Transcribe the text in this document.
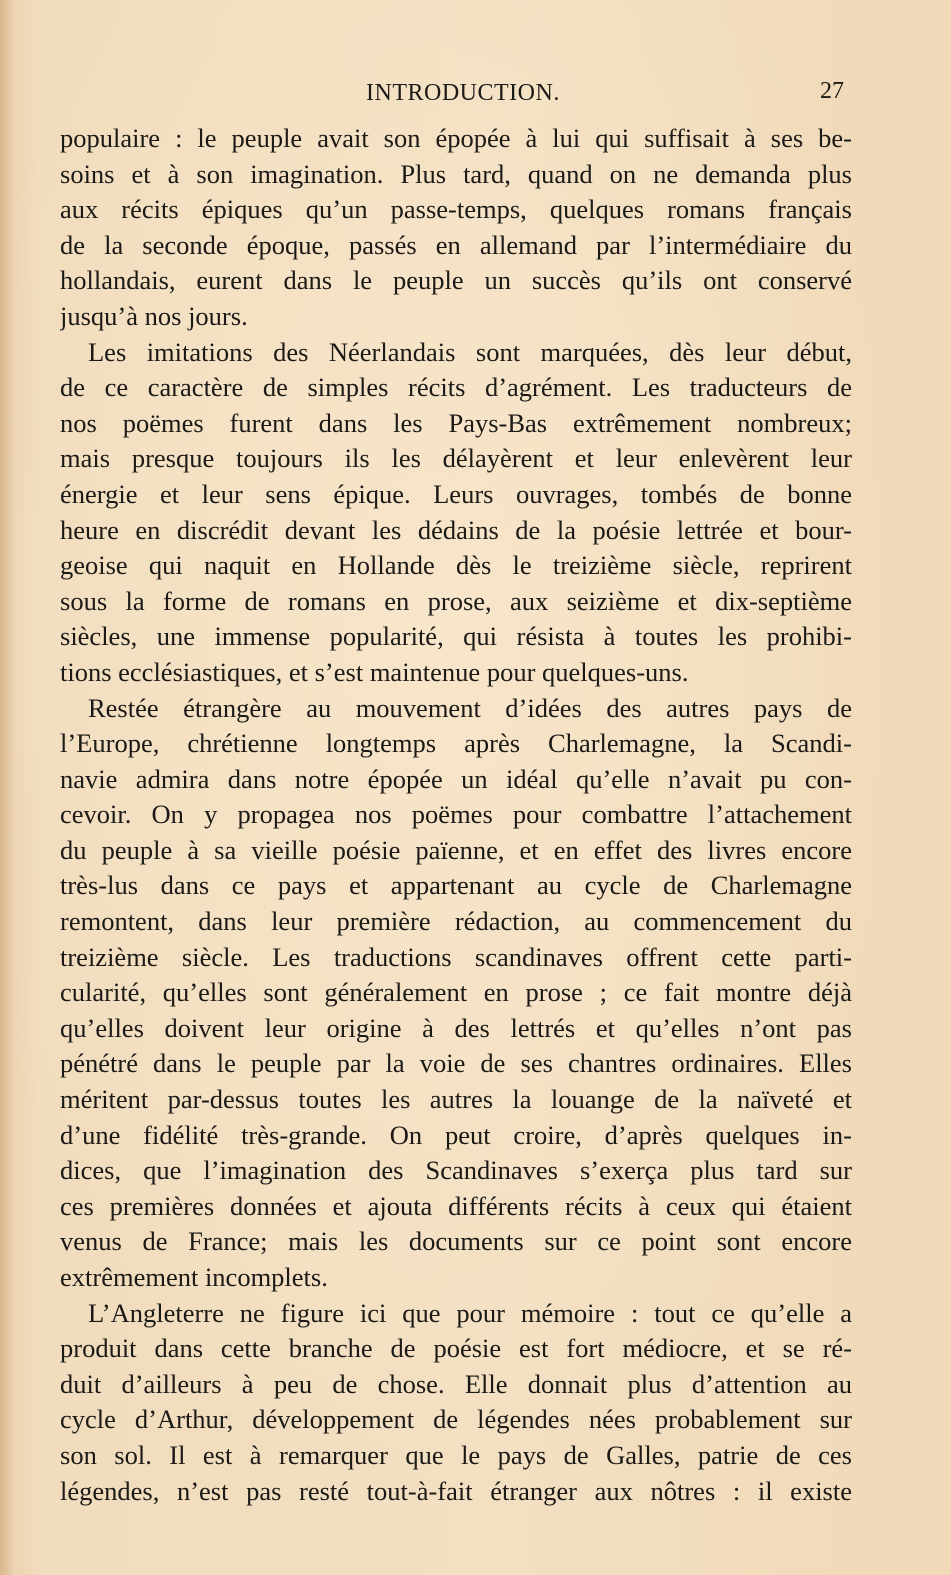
INTRODUCTION.	27
populaire : le peuple avait son épopée à lui qui suffisait à ses be-
soins et à son imagination. Plus tard, quand on ne demanda plus
aux récits épiques qu’un passe-temps, quelques romans français
de la seconde époque, passés en allemand par l’intermédiaire du
hollandais, eurent dans le peuple un succès qu’ils ont conservé
jusqu’à nos jours.
Les imitations des Néerlandais sont marquées, dès leur début,
de ce caractère de simples récits d’agrément. Les traducteurs de
nos poëmes furent dans les Pays-Bas extrêmement nombreux;
mais presque toujours ils les délayèrent et leur enlevèrent leur
énergie et leur sens épique. Leurs ouvrages, tombés de bonne
heure en discrédit devant les dédains de la poésie lettrée et bour-
geoise qui naquit en Hollande dès le treizième siècle, reprirent
sous la forme de romans en prose, aux seizième et dix-septième
siècles, une immense popularité, qui résista à toutes les prohibi-
tions ecclésiastiques, et s’est maintenue pour quelques-uns.
Restée étrangère au mouvement d’idées des autres pays de
l’Europe, chrétienne longtemps après Charlemagne, la Scandi-
navie admira dans notre épopée un idéal qu’elle n’avait pu con-
cevoir. On y propagea nos poëmes pour combattre l’attachement
du peuple à sa vieille poésie païenne, et en effet des livres encore
très-lus dans ce pays et appartenant au cycle de Charlemagne
remontent, dans leur première rédaction, au commencement du
treizième siècle. Les traductions scandinaves offrent cette parti-
cularité, qu’elles sont généralement en prose ; ce fait montre déjà
qu’elles doivent leur origine à des lettrés et qu’elles n’ont pas
pénétré dans le peuple par la voie de ses chantres ordinaires. Elles
méritent par-dessus toutes les autres la louange de la naïveté et
d’une fidélité très-grande. On peut croire, d’après quelques in-
dices, que l’imagination des Scandinaves s’exerça plus tard sur
ces premières données et ajouta différents récits à ceux qui étaient
venus de France; mais les documents sur ce point sont encore
extrêmement incomplets.
L’Angleterre ne figure ici que pour mémoire : tout ce qu’elle a
produit dans cette branche de poésie est fort médiocre, et se ré-
duit d’ailleurs à peu de chose. Elle donnait plus d’attention au
cycle d’Arthur, développement de légendes nées probablement sur
son sol. Il est à remarquer que le pays de Galles, patrie de ces
légendes, n’est pas resté tout-à-fait étranger aux nôtres : il existe
